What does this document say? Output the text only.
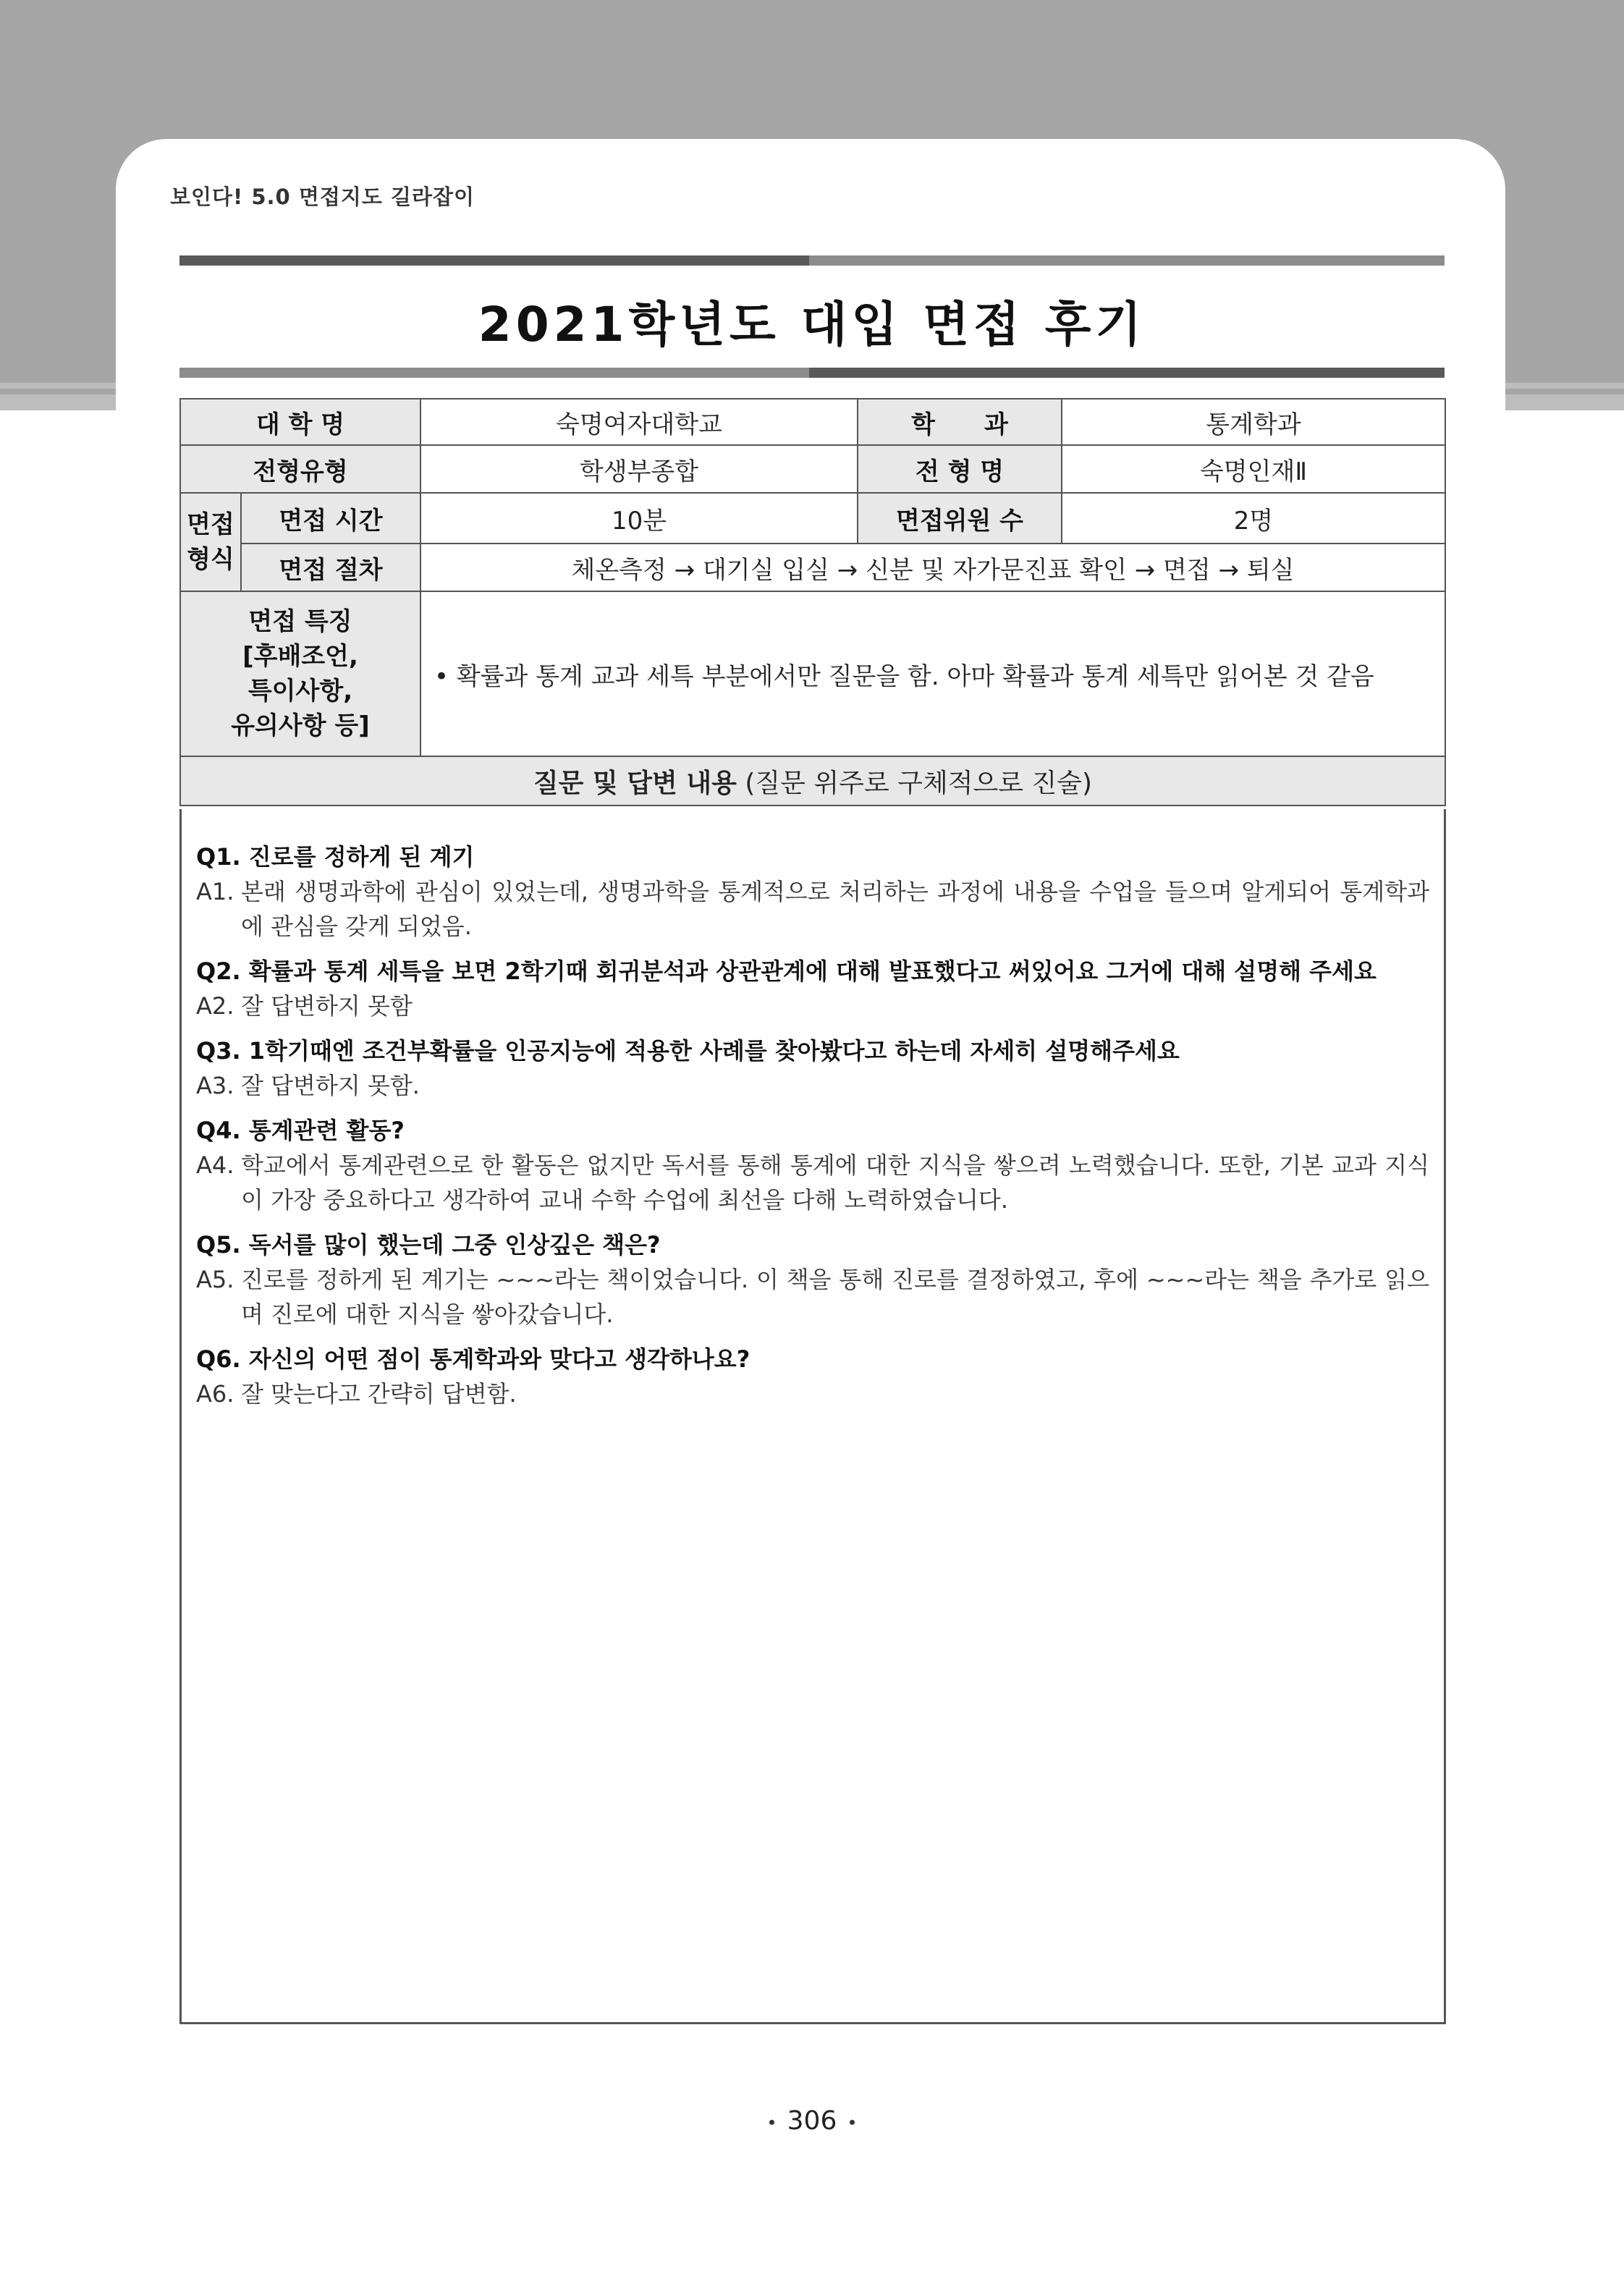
보인다! 5.0 면접지도 길라잡이
2021학년도 대입 면접 후기
대 학 명		숙명여자대학교	학　　과	통계학과
전형유형		학생부종합	전 형 명	숙명인재Ⅱ

면접
형식	면접 시간	10분	면접위원 수	2명
	면접 절차	체온측정 → 대기실 입실 → 신분 및 자가문진표 확인 → 면접 → 퇴실		

면접 특징
[후배조언,
특이사항,
유의사항 등]		• 확률과 통계 교과 세특 부분에서만 질문을 함. 아마 확률과 통계 세특만 읽어본 것 같음		
질문 및 답변 내용 (질문 위주로 구체적으로 진술)				
Q1. 진로를 정하게 된 계기
A1. 본래 생명과학에 관심이 있었는데, 생명과학을 통계적으로 처리하는 과정에 내용을 수업을 들으며 알게되어 통계학과에 관심을 갖게 되었음.
Q2. 확률과 통계 세특을 보면 2학기때 회귀분석과 상관관계에 대해 발표했다고 써있어요 그거에 대해 설명해 주세요
A2. 잘 답변하지 못함
Q3. 1학기때엔 조건부확률을 인공지능에 적용한 사례를 찾아봤다고 하는데 자세히 설명해주세요
A3. 잘 답변하지 못함.
Q4. 통계관련 활동?
A4. 학교에서 통계관련으로 한 활동은 없지만 독서를 통해 통계에 대한 지식을 쌓으려 노력했습니다. 또한, 기본 교과 지식이 가장 중요하다고 생각하여 교내 수학 수업에 최선을 다해 노력하였습니다.
Q5. 독서를 많이 했는데 그중 인상깊은 책은?
A5. 진로를 정하게 된 계기는 ~~~라는 책이었습니다. 이 책을 통해 진로를 결정하였고, 후에 ~~~라는 책을 추가로 읽으며 진로에 대한 지식을 쌓아갔습니다.
Q6. 자신의 어떤 점이 통계학과와 맞다고 생각하나요?
A6. 잘 맞는다고 간략히 답변함.
306
